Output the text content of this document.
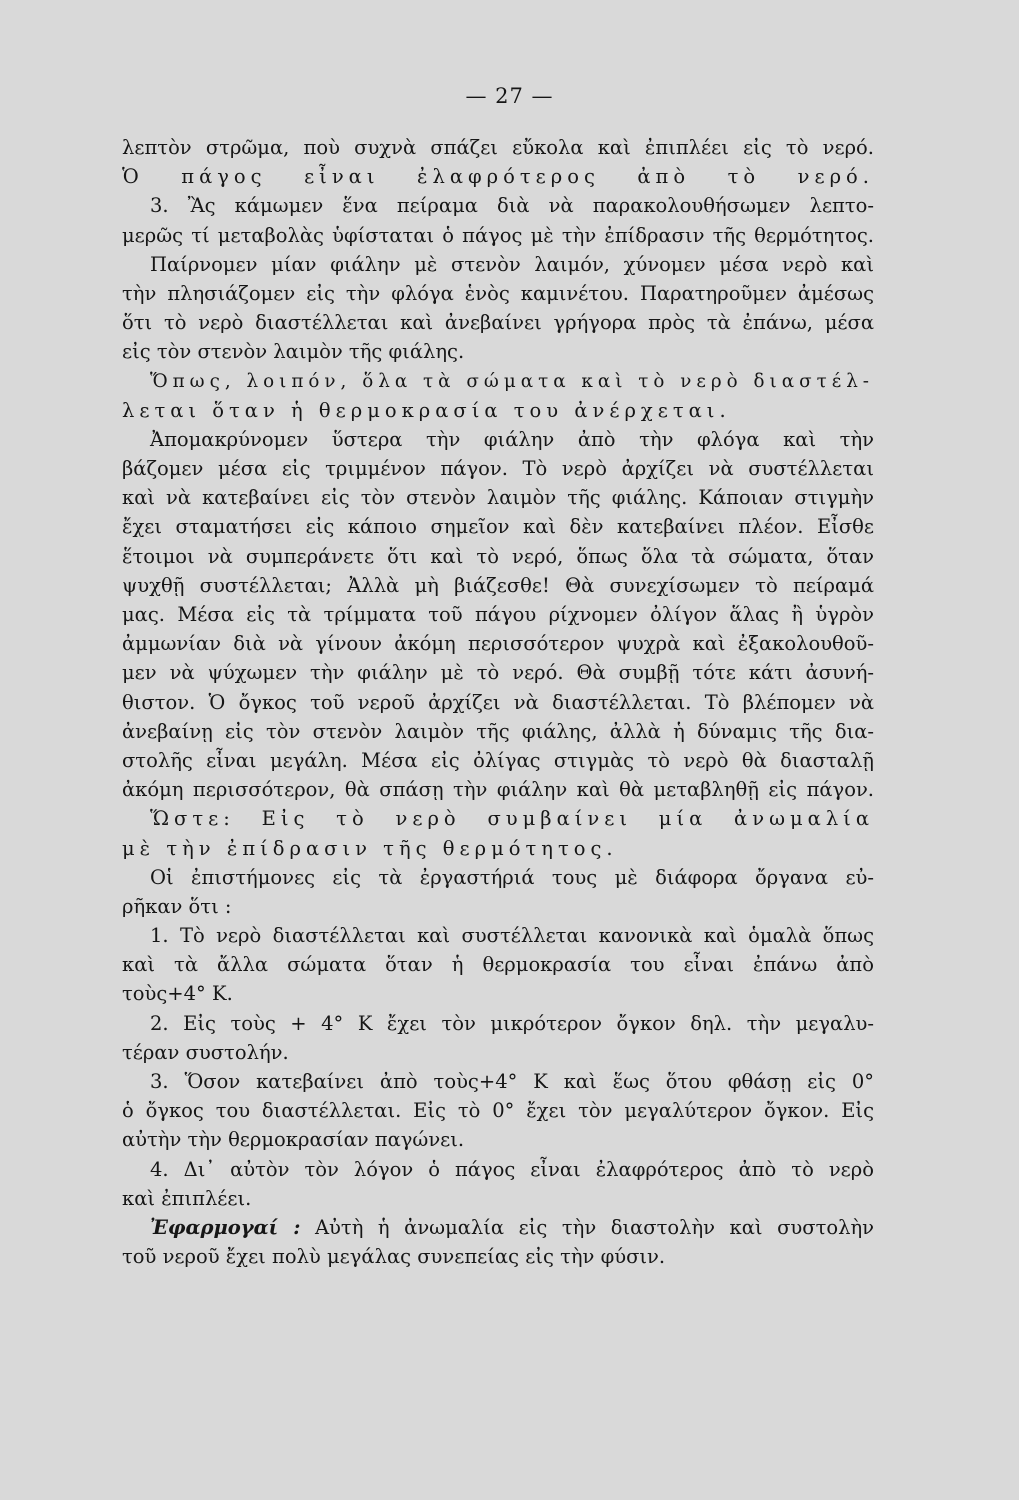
— 27 —
λεπτὸν στρῶμα, ποὺ συχνὰ σπάζει εὔκολα καὶ ἐπιπλέει εἰς τὸ νερό.
Ὁ πάγος εἶναι ἐλαφρότερος ἀπὸ τὸ νερό.
3. Ἂς κάμωμεν ἕνα πείραμα διὰ νὰ παρακολουθήσωμεν λεπτο-
μερῶς τί μεταβολὰς ὑφίσταται ὁ πάγος μὲ τὴν ἐπίδρασιν τῆς θερμότητος.
Παίρνομεν μίαν φιάλην μὲ στενὸν λαιμόν, χύνομεν μέσα νερὸ καὶ
τὴν πλησιάζομεν εἰς τὴν φλόγα ἑνὸς καμινέτου. Παρατηροῦμεν ἀμέσως
ὅτι τὸ νερὸ διαστέλλεται καὶ ἀνεβαίνει γρήγορα πρὸς τὰ ἐπάνω, μέσα
εἰς τὸν στενὸν λαιμὸν τῆς φιάλης.
Ὅπως, λοιπόν, ὅλα τὰ σώματα καὶ τὸ νερὸ διαστέλ-
λεται ὅταν ἡ θερμοκρασία του ἀνέρχεται.
Ἀπομακρύνομεν ὕστερα τὴν φιάλην ἀπὸ τὴν φλόγα καὶ τὴν
βάζομεν μέσα εἰς τριμμένον πάγον. Τὸ νερὸ ἀρχίζει νὰ συστέλλεται
καὶ νὰ κατεβαίνει εἰς τὸν στενὸν λαιμὸν τῆς φιάλης. Κάποιαν στιγμὴν
ἔχει σταματήσει εἰς κάποιο σημεῖον καὶ δὲν κατεβαίνει πλέον. Εἶσθε
ἕτοιμοι νὰ συμπεράνετε ὅτι καὶ τὸ νερό, ὅπως ὅλα τὰ σώματα, ὅταν
ψυχθῇ συστέλλεται; Ἀλλὰ μὴ βιάζεσθε! Θὰ συνεχίσωμεν τὸ πείραμά
μας. Μέσα εἰς τὰ τρίμματα τοῦ πάγου ρίχνομεν ὀλίγον ἅλας ἢ ὑγρὸν
ἀμμωνίαν διὰ νὰ γίνουν ἀκόμη περισσότερον ψυχρὰ καὶ ἐξακολουθοῦ-
μεν νὰ ψύχωμεν τὴν φιάλην μὲ τὸ νερό. Θὰ συμβῇ τότε κάτι ἀσυνή-
θιστον. Ὁ ὄγκος τοῦ νεροῦ ἀρχίζει νὰ διαστέλλεται. Τὸ βλέπομεν νὰ
ἀνεβαίνῃ εἰς τὸν στενὸν λαιμὸν τῆς φιάλης, ἀλλὰ ἡ δύναμις τῆς δια-
στολῆς εἶναι μεγάλη. Μέσα εἰς ὀλίγας στιγμὰς τὸ νερὸ θὰ διασταλῇ
ἀκόμη περισσότερον, θὰ σπάσῃ τὴν φιάλην καὶ θὰ μεταβληθῇ εἰς πάγον.
Ὥστε: Εἰς τὸ νερὸ συμβαίνει μία ἀνωμαλία
μὲ τὴν ἐπίδρασιν τῆς θερμότητος.
Οἱ ἐπιστήμονες εἰς τὰ ἐργαστήριά τους μὲ διάφορα ὄργανα εὐ-
ρῆκαν ὅτι :
1. Τὸ νερὸ διαστέλλεται καὶ συστέλλεται κανονικὰ καὶ ὁμαλὰ ὅπως
καὶ τὰ ἄλλα σώματα ὅταν ἡ θερμοκρασία του εἶναι ἐπάνω ἀπὸ
τοὺς+4° Κ.
2. Εἰς τοὺς + 4° Κ ἔχει τὸν μικρότερον ὄγκον δηλ. τὴν μεγαλυ-
τέραν συστολήν.
3. Ὅσον κατεβαίνει ἀπὸ τοὺς+4° Κ καὶ ἕως ὅτου φθάσῃ εἰς 0°
ὁ ὄγκος του διαστέλλεται. Εἰς τὸ 0° ἔχει τὸν μεγαλύτερον ὄγκον. Εἰς
αὐτὴν τὴν θερμοκρασίαν παγώνει.
4. Δι᾿ αὐτὸν τὸν λόγον ὁ πάγος εἶναι ἐλαφρότερος ἀπὸ τὸ νερὸ
καὶ ἐπιπλέει.
Ἐφαρμογαί : Αὐτὴ ἡ ἀνωμαλία εἰς τὴν διαστολὴν καὶ συστολὴν
τοῦ νεροῦ ἔχει πολὺ μεγάλας συνεπείας εἰς τὴν φύσιν.
